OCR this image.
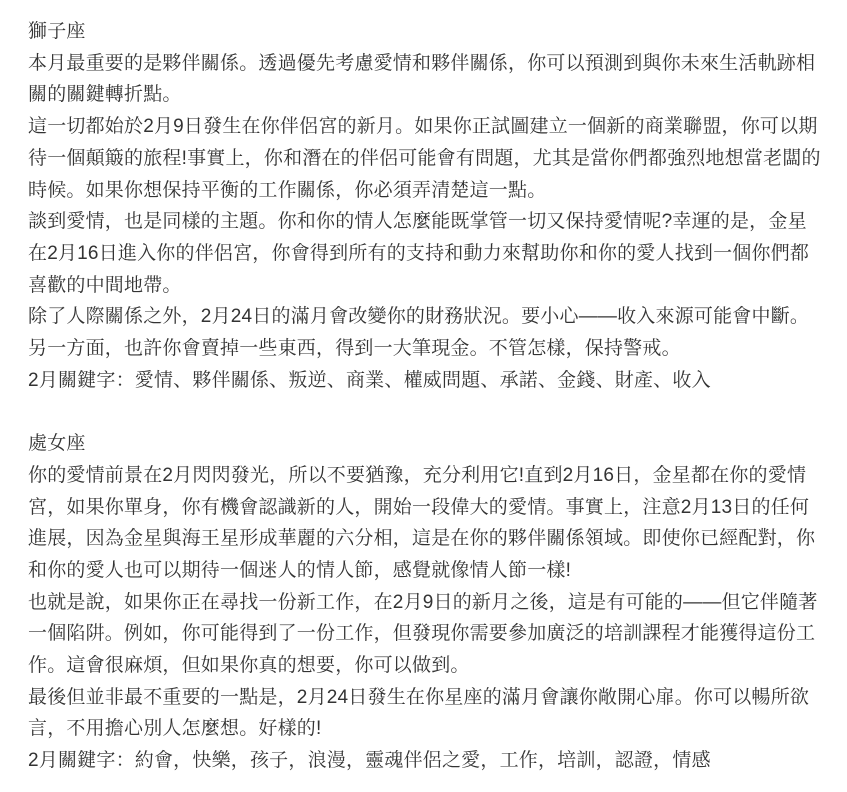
獅子座

本月最重要的是夥伴關係。透過優先考慮愛情和夥伴關係，你可以預測到與你未來生活軌跡相關的關鍵轉折點。

這一切都始於2月9日發生在你伴侶宮的新月。如果你正試圖建立一個新的商業聯盟，你可以期待一個顛簸的旅程!事實上，你和潛在的伴侶可能會有問題，尤其是當你們都強烈地想當老闆的時候。如果你想保持平衡的工作關係，你必須弄清楚這一點。

談到愛情，也是同樣的主題。你和你的情人怎麼能既掌管一切又保持愛情呢?幸運的是，金星在2月16日進入你的伴侶宮，你會得到所有的支持和動力來幫助你和你的愛人找到一個你們都喜歡的中間地帶。

除了人際關係之外，2月24日的滿月會改變你的財務狀況。要小心——收入來源可能會中斷。另一方面，也許你會賣掉一些東西，得到一大筆現金。不管怎樣，保持警戒。

2月關鍵字：愛情、夥伴關係、叛逆、商業、權威問題、承諾、金錢、財產、收入

處女座

你的愛情前景在2月閃閃發光，所以不要猶豫，充分利用它!直到2月16日，金星都在你的愛情宮，如果你單身，你有機會認識新的人，開始一段偉大的愛情。事實上，注意2月13日的任何進展，因為金星與海王星形成華麗的六分相，這是在你的夥伴關係領域。即使你已經配對，你和你的愛人也可以期待一個迷人的情人節，感覺就像情人節一樣!

也就是說，如果你正在尋找一份新工作，在2月9日的新月之後，這是有可能的——但它伴隨著一個陷阱。例如，你可能得到了一份工作，但發現你需要參加廣泛的培訓課程才能獲得這份工作。這會很麻煩，但如果你真的想要，你可以做到。

最後但並非最不重要的一點是，2月24日發生在你星座的滿月會讓你敞開心扉。你可以暢所欲言，不用擔心別人怎麼想。好樣的!

2月關鍵字：約會，快樂，孩子，浪漫，靈魂伴侶之愛，工作，培訓，認證，情感
